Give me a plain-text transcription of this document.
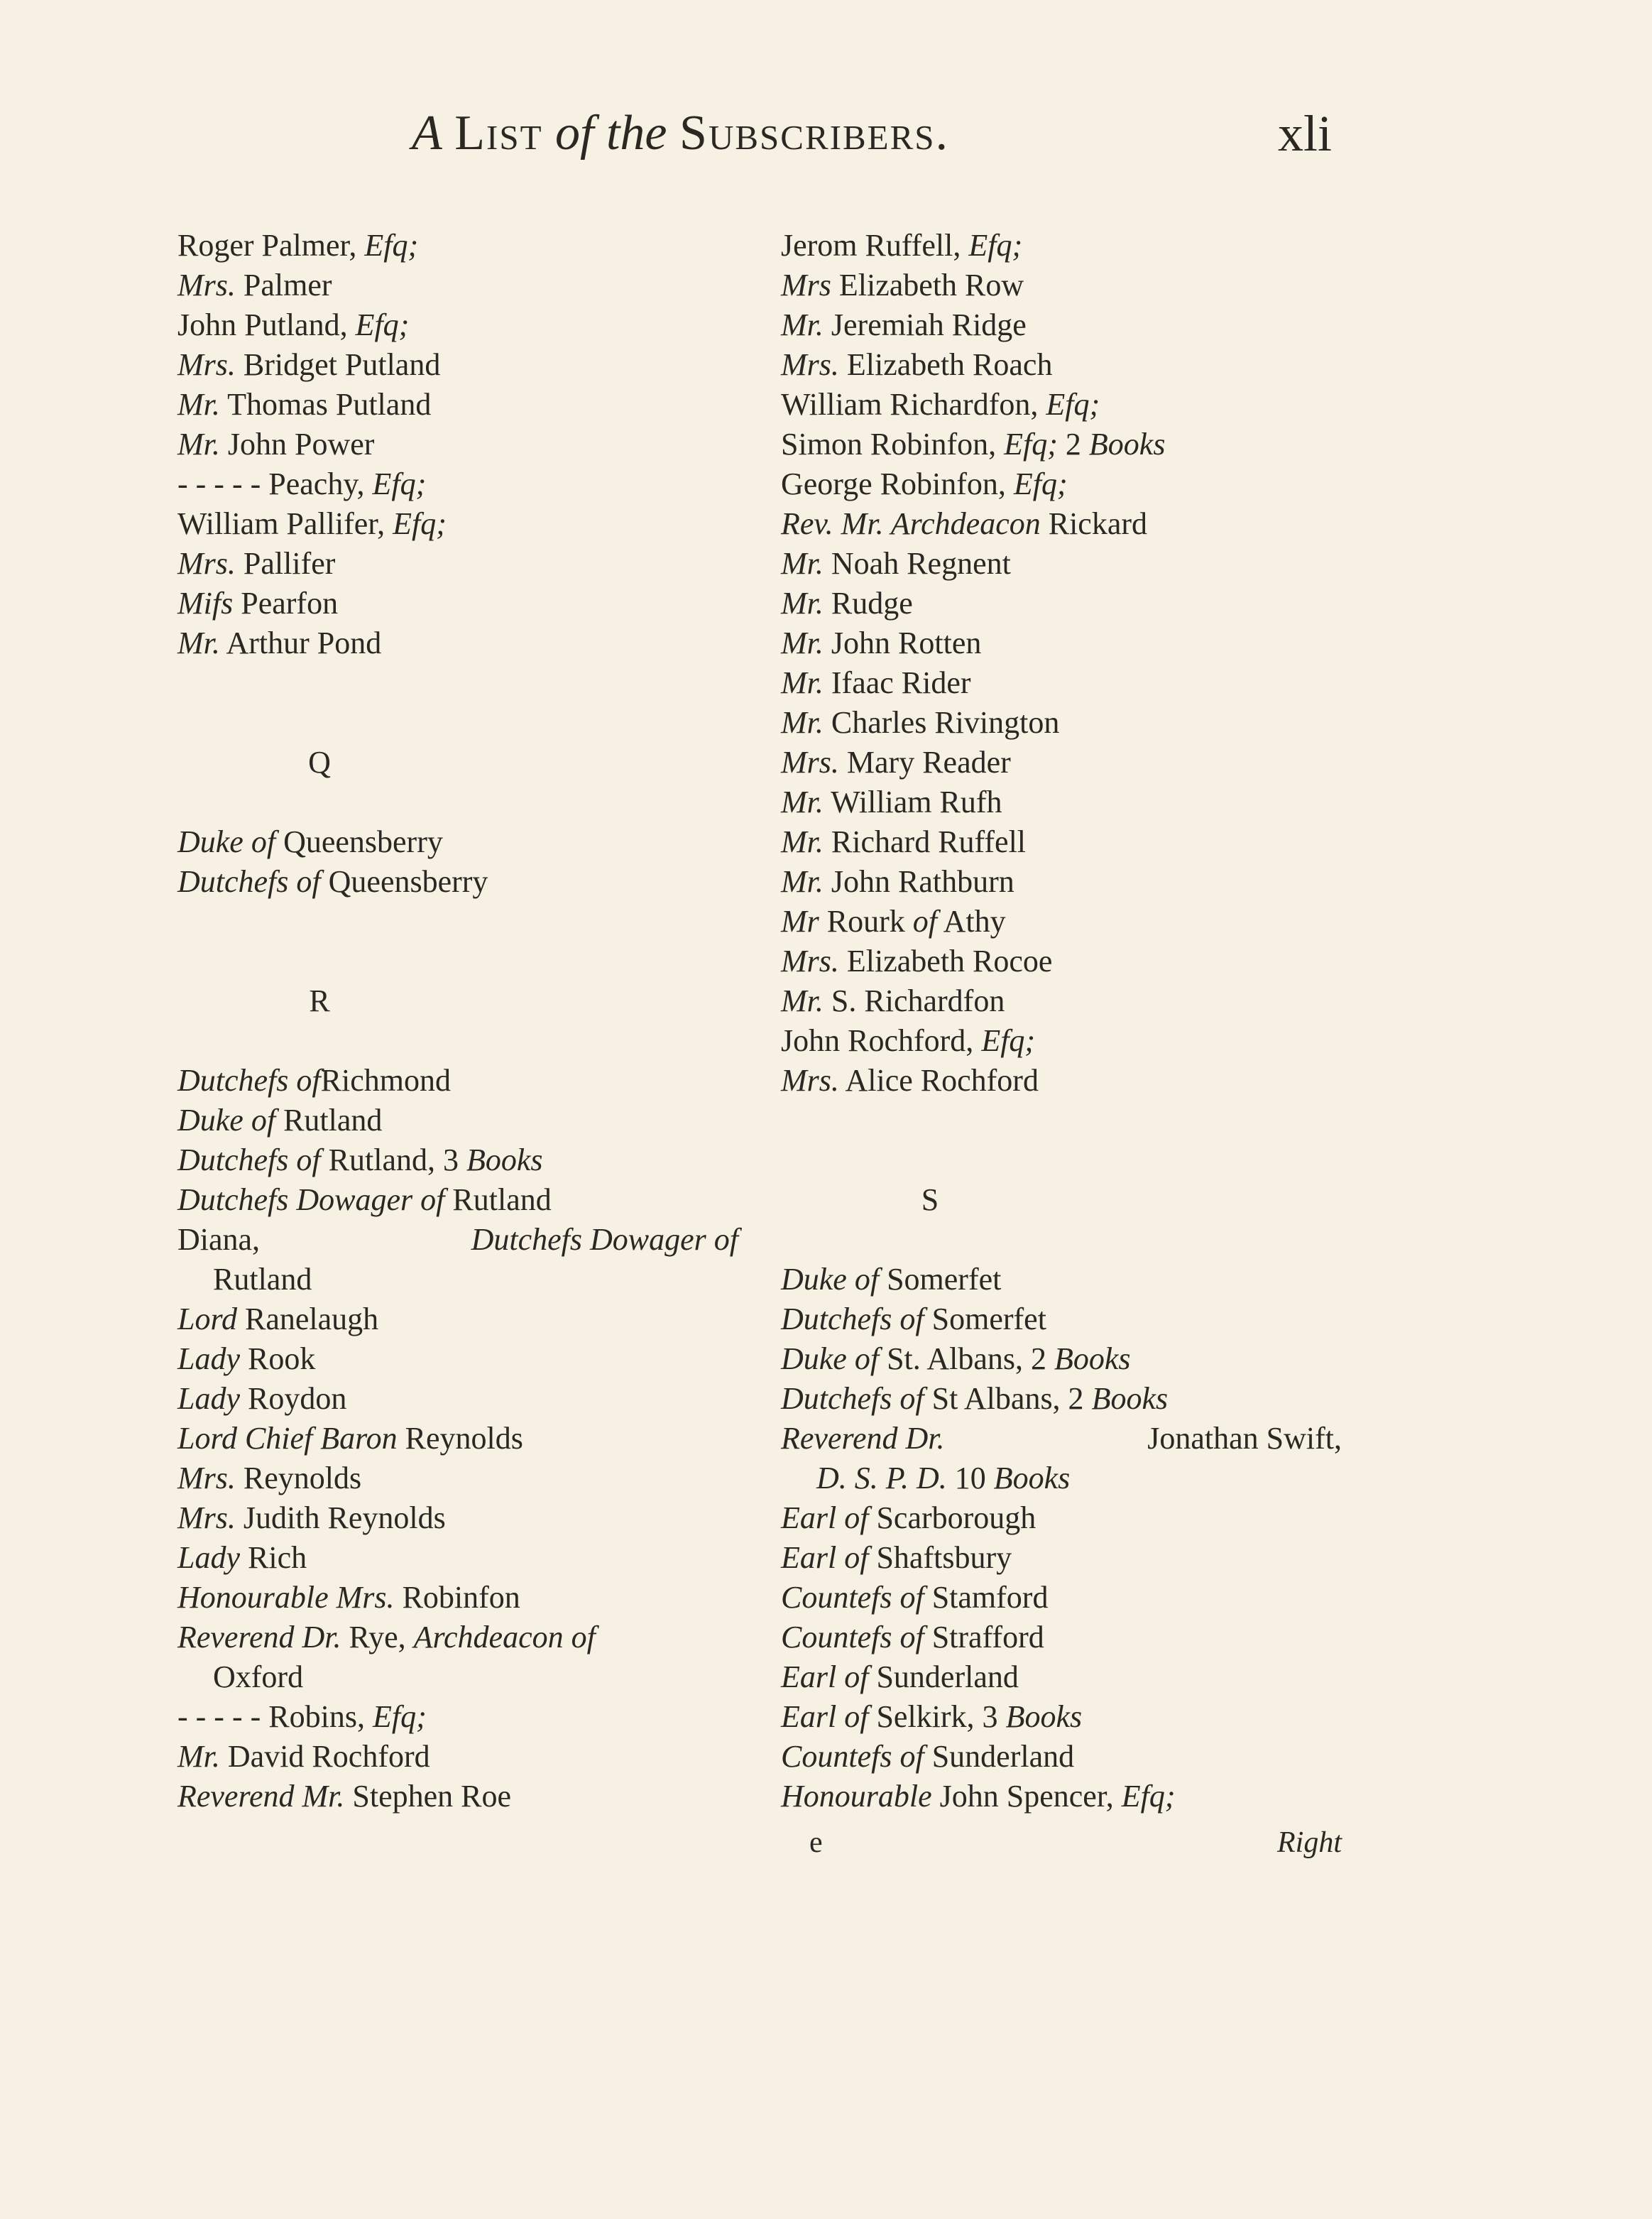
A List of the Subscribers.	xli
Roger Palmer, Efq;
Mrs. Palmer
John Putland, Efq;
Mrs. Bridget Putland
Mr. Thomas Putland
Mr. John Power
- - - - - Peachy, Efq;
William Pallifer, Efq;
Mrs. Pallifer
Mifs Pearfon
Mr. Arthur Pond
Q
Duke of Queensberry
Dutchefs of Queensberry
R
Dutchefs ofRichmond
Duke of Rutland
Dutchefs of Rutland, 3 Books
Dutchefs Dowager of Rutland
Diana,	Dutchefs Dowager of
Rutland
Lord Ranelaugh
Lady Rook
Lady Roydon
Lord Chief Baron Reynolds
Mrs. Reynolds
Mrs. Judith Reynolds
Lady Rich
Honourable Mrs. Robinfon
Reverend Dr. Rye, Archdeacon of
Oxford
- - - - - Robins, Efq;
Mr. David Rochford
Reverend Mr. Stephen Roe
Jerom Ruffell, Efq;
Mrs Elizabeth Row
Mr. Jeremiah Ridge
Mrs. Elizabeth Roach
William Richardfon, Efq;
Simon Robinfon, Efq; 2 Books
George Robinfon, Efq;
Rev. Mr. Archdeacon Rickard
Mr. Noah Regnent
Mr. Rudge
Mr. John Rotten
Mr. Ifaac Rider
Mr. Charles Rivington
Mrs. Mary Reader
Mr. William Rufh
Mr. Richard Ruffell
Mr. John Rathburn
Mr Rourk of Athy
Mrs. Elizabeth Rocoe
Mr. S. Richardfon
John Rochford, Efq;
Mrs. Alice Rochford
S
Duke of Somerfet
Dutchefs of Somerfet
Duke of St. Albans, 2 Books
Dutchefs of St Albans, 2 Books
Reverend Dr.	Jonathan Swift,
D. S. P. D. 10 Books
Earl of Scarborough
Earl of Shaftsbury
Countefs of Stamford
Countefs of Strafford
Earl of Sunderland
Earl of Selkirk, 3 Books
Countefs of Sunderland
Honourable John Spencer, Efq;
e	Right
